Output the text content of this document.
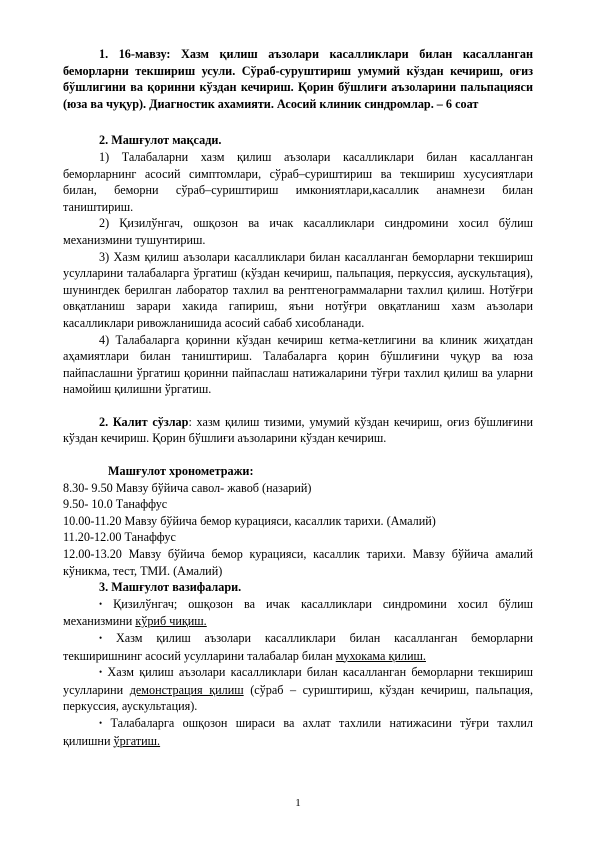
1. 16-мавзу: Хазм қилиш аъзолари касалликлари билан касалланган беморларни текшириш усули. Сўраб-суруштириш умумий кўздан кечириш, оғиз бўшлигини ва қоринни кўздан кечириш. Қорин бўшлиғи аъзоларини пальпацияси (юза ва чуқур). Диагностик ахамияти. Асосий клиник синдромлар. – 6 соат

2. Машғулот мақсади.

1) Талабаларни хазм қилиш аъзолари касалликлари билан касалланган беморларнинг асосий симптомлари, сўраб–суриштириш ва текшириш хусусиятлари билан, беморни сўраб–суриштириш имкониятлари,касаллик анамнези билан таништириш.

2) Қизилўнгач, ошқозон ва ичак касалликлари синдромини хосил бўлиш механизмини тушунтириш.

3) Хазм қилиш аъзолари касалликлари билан касалланган беморларни текшириш усулларини талабаларга ўргатиш (кўздан кечириш, пальпация, перкуссия, аускультация), шунингдек берилган лаборатор тахлил ва рентгенограммаларни тахлил қилиш. Нотўғри овқатланиш зарари хакида гапириш, яъни нотўғри овқатланиш хазм аъзолари касалликлари ривожланишида асосий сабаб хисобланади.

4) Талабаларга қоринни кўздан кечириш кетма-кетлигини ва клиник жиҳатдан аҳамиятлари билан таништириш. Талабаларга қорин бўшлиғини чуқур ва юза пайпаслашни ўргатиш қоринни пайпаслаш натижаларини тўғри тахлил қилиш ва уларни намойиш қилишни ўргатиш.

2. Калит сўзлар: хазм қилиш тизими, умумий кўздан кечириш, оғиз бўшлиғини кўздан кечириш. Қорин бўшлиғи аъзоларини кўздан кечириш.

Машғулот хронометражи:

8.30- 9.50 Мавзу бўйича савол- жавоб (назарий)

9.50- 10.0 Танаффус

10.00-11.20 Мавзу бўйича бемор курацияси, касаллик тарихи. (Амалий)

11.20-12.00 Танаффус

12.00-13.20 Мавзу бўйича бемор курацияси, касаллик тарихи. Мавзу бўйича амалий кўникма, тест, ТМИ. (Амалий)

3. Машғулот вазифалари.

• Қизилўнгач; ошқозон ва ичак касалликлари синдромини хосил бўлиш механизмини кўриб чиқиш.

• Хазм қилиш аъзолари касалликлари билан касалланган беморларни текширишнинг асосий усулларини талабалар билан мухокама қилиш.

• Хазм қилиш аъзолари касалликлари билан касалланган беморларни текшириш усулларини демонстрация қилиш (сўраб – суриштириш, кўздан кечириш, пальпация, перкуссия, аускультация).

• Талабаларга ошқозон шираси ва ахлат тахлили натижасини тўғри тахлил қилишни ўргатиш.

1
